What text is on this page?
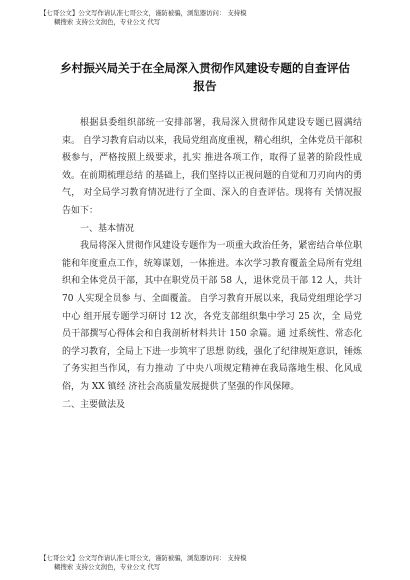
【七哥公文】公文写作请认准七哥公文，谨防被骗，浏览器访问： 支持模
糊搜索 支持公文润色，专业公文 代写
乡村振兴局关于在全局深入贯彻作风建设专题的自查评估
报告

根据县委组织部统一安排部署，我局深入贯彻作风建设专题已圆满结束。 自学习教育启动以来，我局党组高度重视，精心组织，全体党员干部积极参与，严格按照上级要求，扎实 推进各项工作，取得了显著的阶段性成效。在前期梳理总结 的基础上，我们坚持以正视问题的自觉和刀刃向内的勇气， 对全局学习教育情况进行了全面、深入的自查评估。现将有 关情况报告如下：

一、基本情况

我局将深入贯彻作风建设专题作为一项重大政治任务，紧密结合单位职能和年度重点工作，统筹谋划，一体推进。本次学习教育覆盖全局所有党组织和全体党员干部，其中在职党员干部 58 人，退休党员干部 12 人，共计 70 人实现全员参 与、全面覆盖。 自学习教育开展以来，我局党组理论学习中心 组开展专题学习研讨 12 次，各党支部组织集中学习 25 次，全 局党员干部撰写心得体会和自我剖析材料共计 150 余篇。通 过系统性、常态化的学习教育，全局上下进一步筑牢了思想 防线，强化了纪律规矩意识，锤炼了务实担当作风，有力推动 了中央八项规定精神在我局落地生根、化风成俗，为 XX 镇经 济社会高质量发展提供了坚强的作风保障。

二、主要做法及

【七哥公文】公文写作请认准七哥公文，谨防被骗，浏览器访问： 支持模
糊搜索 支持公文润色，专业公文 代写
